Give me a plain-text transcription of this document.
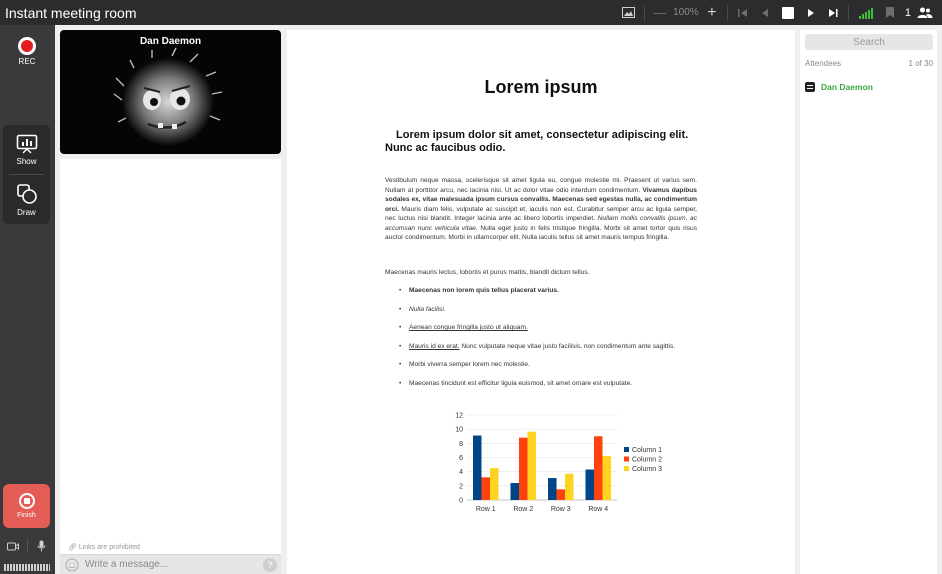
Instant meeting room	— 100% +	1
REC
Show
Draw
Finish
Dan Daemon
🔗︎ Links are prohibited
Write a message...
?
Lorem ipsum
Lorem ipsum dolor sit amet, consectetur adipiscing elit. Nunc ac faucibus odio.

Vestibulum neque massa, scelerisque sit amet ligula eu, congue molestie mi. Praesent ut varius sem. Nullam at porttitor arcu, nec lacinia nisi. Ut ac dolor vitae odio interdum condimentum. Vivamus dapibus sodales ex, vitae malesuada ipsum cursus convallis. Maecenas sed egestas nulla, ac condimentum orci. Mauris diam felis, vulputate ac suscipit et, iaculis non est. Curabitur semper arcu ac ligula semper, nec luctus nisi blandit. Integer lacinia ante ac libero lobortis imperdiet. Nullam mollis convallis ipsum, ac accumsan nunc vehicula vitae. Nulla eget justo in felis tristique fringilla. Morbi sit amet tortor quis risus auctor condimentum. Morbi in ullamcorper elit. Nulla iaculis tellus sit amet mauris tempus fringilla.

Maecenas mauris lectus, lobortis et purus mattis, blandit dictum tellus.

• Maecenas non lorem quis tellus placerat varius.
• Nulla facilisi.
• Aenean congue fringilla justo ut aliquam.
• Mauris id ex erat. Nunc vulputate neque vitae justo facilisis, non condimentum ante sagittis.
• Morbi viverra semper lorem nec molestie.
• Maecenas tincidunt est efficitur ligula euismod, sit amet ornare est vulputate.
0
2
4
6
8
10
12
Row 1	Row 2	Row 3	Row 4
Column 1
Column 2
Column 3
Search
Attendees	1 of 30
Dan Daemon
